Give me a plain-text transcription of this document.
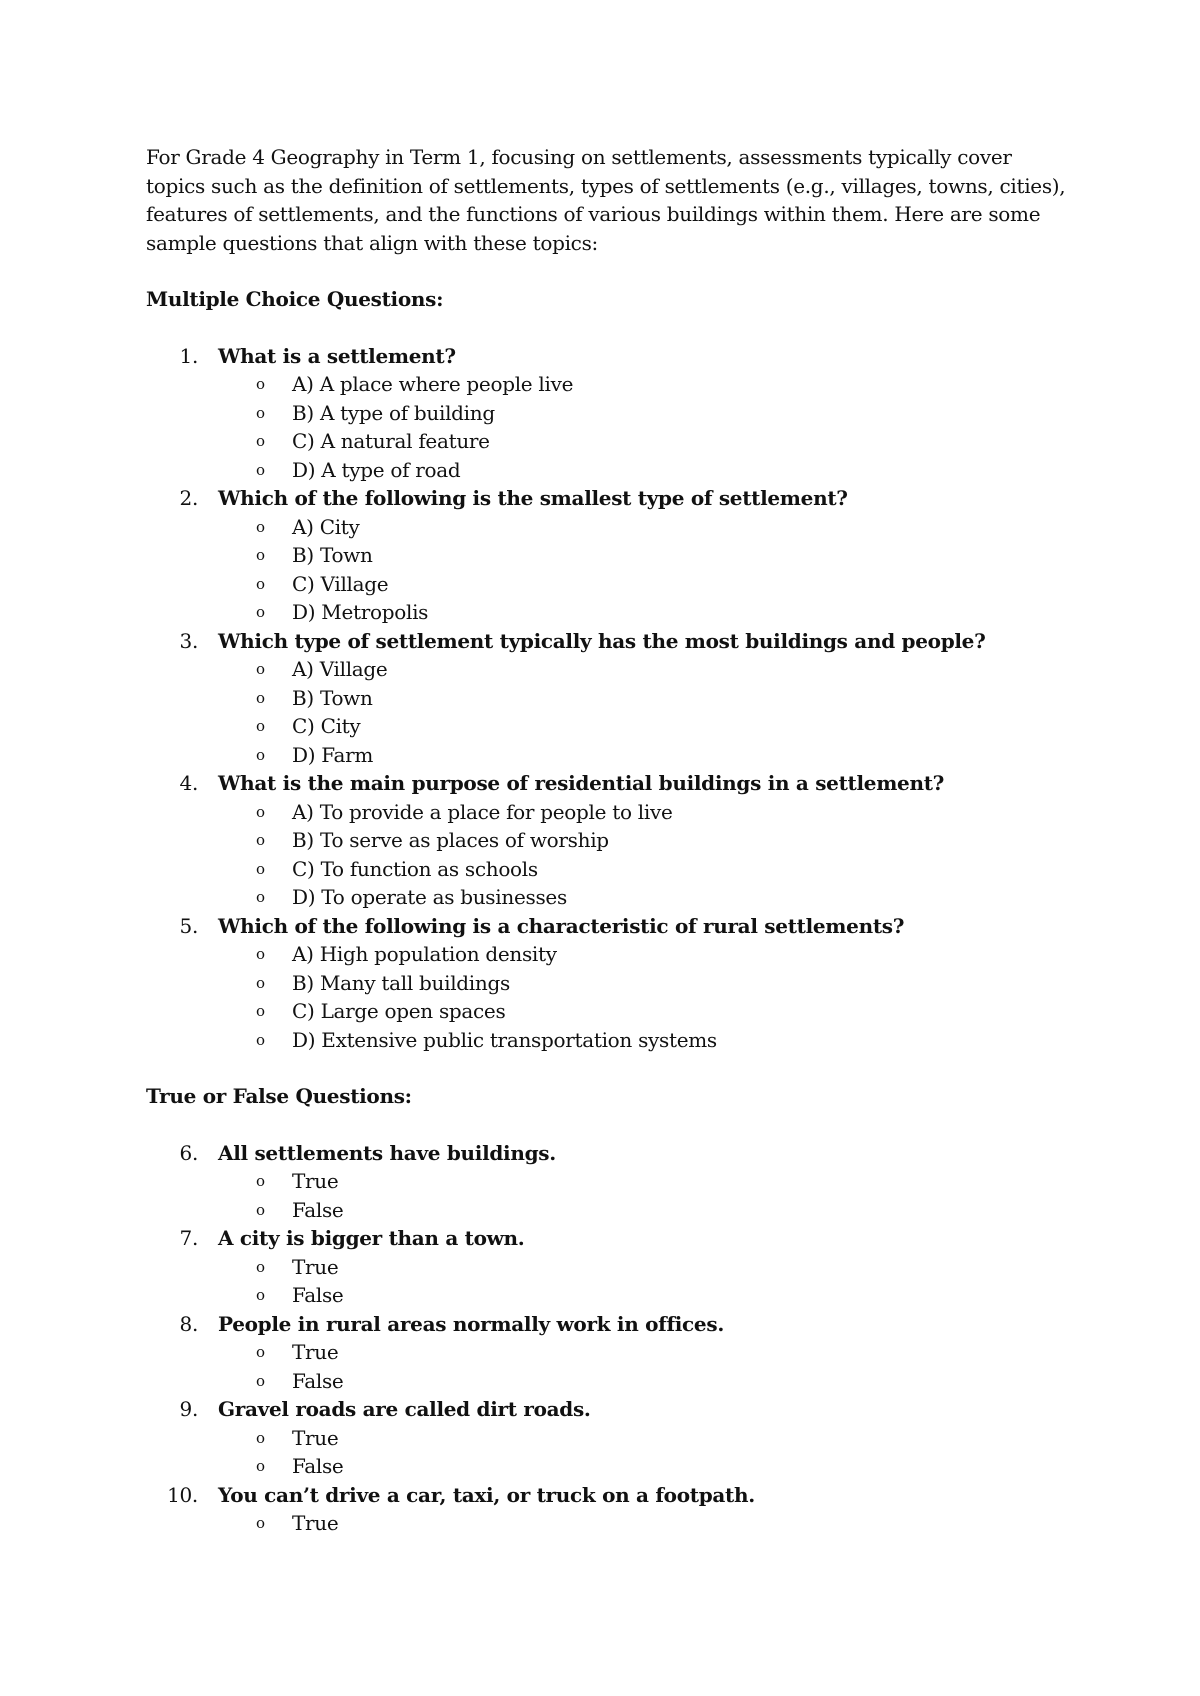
For Grade 4 Geography in Term 1, focusing on settlements, assessments typically cover topics such as the definition of settlements, types of settlements (e.g., villages, towns, cities), features of settlements, and the functions of various buildings within them. Here are some sample questions that align with these topics:

Multiple Choice Questions:

1. What is a settlement?
o A) A place where people live
o B) A type of building
o C) A natural feature
o D) A type of road
2. Which of the following is the smallest type of settlement?
o A) City
o B) Town
o C) Village
o D) Metropolis
3. Which type of settlement typically has the most buildings and people?
o A) Village
o B) Town
o C) City
o D) Farm
4. What is the main purpose of residential buildings in a settlement?
o A) To provide a place for people to live
o B) To serve as places of worship
o C) To function as schools
o D) To operate as businesses
5. Which of the following is a characteristic of rural settlements?
o A) High population density
o B) Many tall buildings
o C) Large open spaces
o D) Extensive public transportation systems

True or False Questions:

6. All settlements have buildings.
o True
o False
7. A city is bigger than a town.
o True
o False
8. People in rural areas normally work in offices.
o True
o False
9. Gravel roads are called dirt roads.
o True
o False
10. You can’t drive a car, taxi, or truck on a footpath.
o True
